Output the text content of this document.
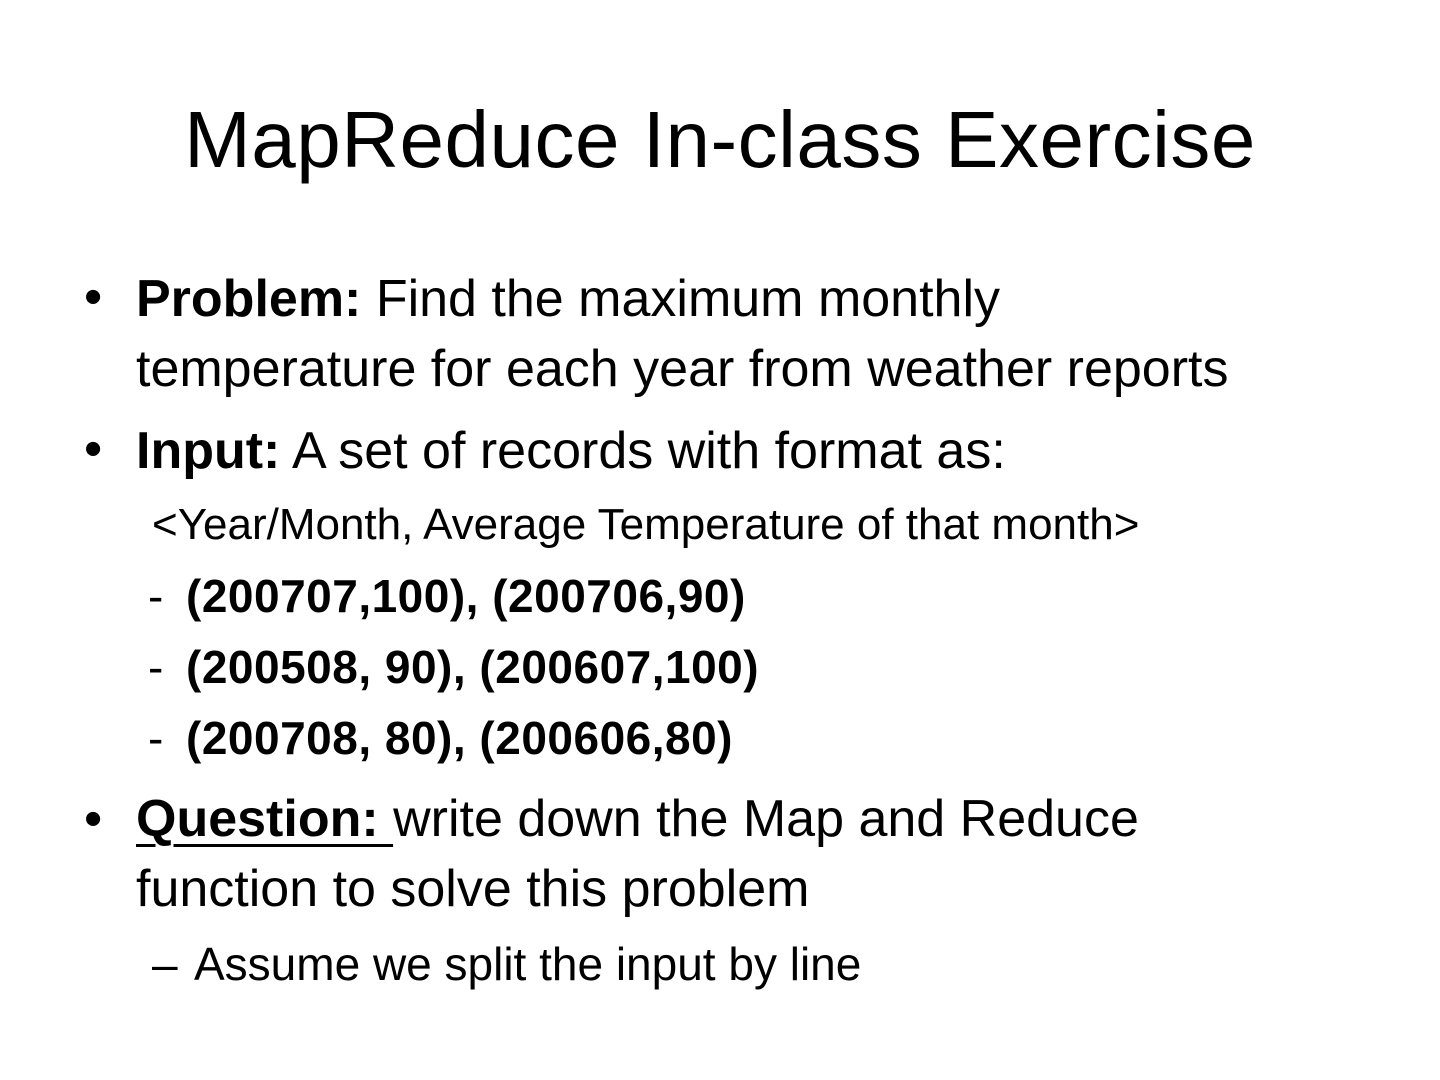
MapReduce In-class Exercise
• Problem: Find the maximum monthly
temperature for each year from weather reports
• Input: A set of records with format as:
<Year/Month, Average Temperature of that month>
- (200707,100), (200706,90)
- (200508, 90), (200607,100)
- (200708, 80), (200606,80)
• Question: write down the Map and Reduce
function to solve this problem
– Assume we split the input by line
